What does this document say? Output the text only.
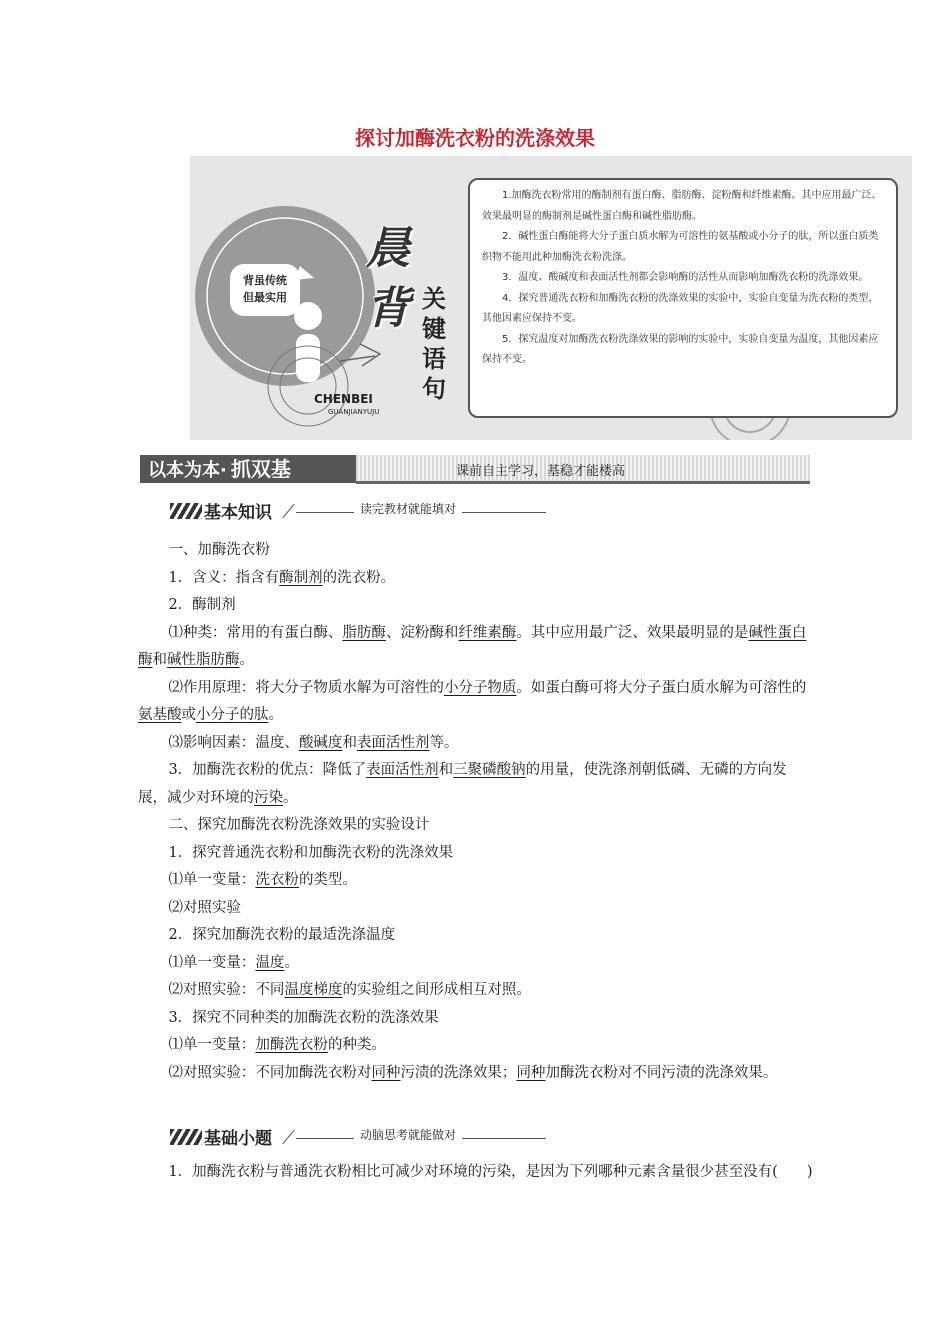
探讨加酶洗衣粉的洗涤效果
背虽传统
但最实用
晨
背 关键语句
CHENBEI
GUANJIANYUJU

1.加酶洗衣粉常用的酶制剂有蛋白酶、脂肪酶、淀粉酶和纤维素酶。其中应用最广泛、效果最明显的酶制剂是碱性蛋白酶和碱性脂肪酶。

2．碱性蛋白酶能将大分子蛋白质水解为可溶性的氨基酸或小分子的肽，所以蛋白质类织物不能用此种加酶洗衣粉洗涤。

3．温度、酸碱度和表面活性剂都会影响酶的活性从而影响加酶洗衣粉的洗涤效果。

4．探究普通洗衣粉和加酶洗衣粉的洗涤效果的实验中，实验自变量为洗衣粉的类型，其他因素应保持不变。

5．探究温度对加酶洗衣粉洗涤效果的影响的实验中，实验自变量为温度，其他因素应保持不变。

以本为本· 抓双基	课前自主学习，基稳才能楼高
基本知识	读完教材就能填对

一、加酶洗衣粉

1．含义：指含有酶制剂的洗衣粉。

2．酶制剂

⑴种类：常用的有蛋白酶、脂肪酶、淀粉酶和纤维素酶。其中应用最广泛、效果最明显的是碱性蛋白酶和碱性脂肪酶。

⑵作用原理：将大分子物质水解为可溶性的小分子物质。如蛋白酶可将大分子蛋白质水解为可溶性的氨基酸或小分子的肽。

⑶影响因素：温度、酸碱度和表面活性剂等。

3．加酶洗衣粉的优点：降低了表面活性剂和三聚磷酸钠的用量，使洗涤剂朝低磷、无磷的方向发展，减少对环境的污染。

二、探究加酶洗衣粉洗涤效果的实验设计

1．探究普通洗衣粉和加酶洗衣粉的洗涤效果

⑴单一变量：洗衣粉的类型。

⑵对照实验

2．探究加酶洗衣粉的最适洗涤温度

⑴单一变量：温度。

⑵对照实验：不同温度梯度的实验组之间形成相互对照。

3．探究不同种类的加酶洗衣粉的洗涤效果

⑴单一变量：加酶洗衣粉的种类。

⑵对照实验：不同加酶洗衣粉对同种污渍的洗涤效果；同种加酶洗衣粉对不同污渍的洗涤效果。

基础小题	动脑思考就能做对

1．加酶洗衣粉与普通洗衣粉相比可减少对环境的污染，是因为下列哪种元素含量很少甚至没有(　　)
